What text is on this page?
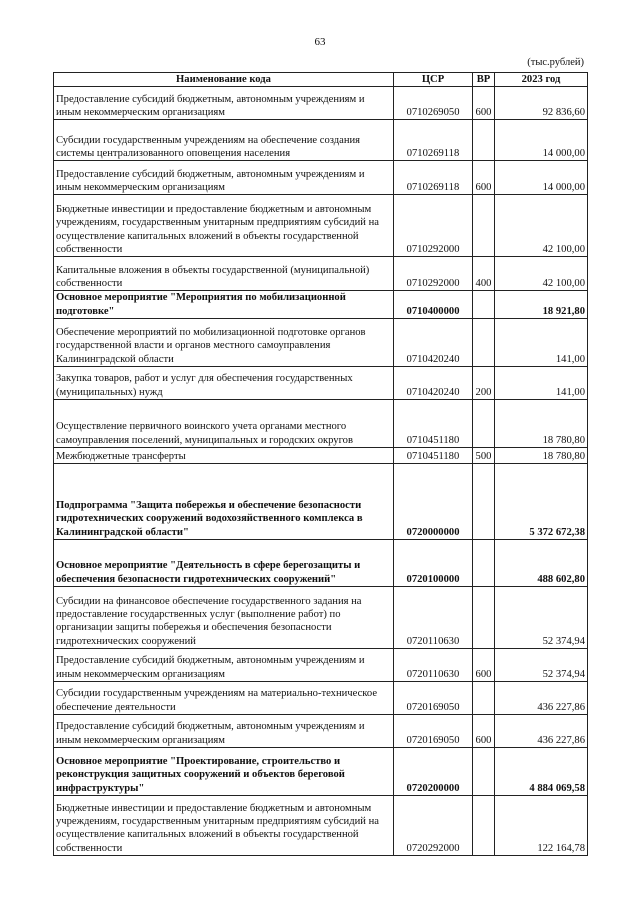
63
(тыс.рублей)
Наименование кода	ЦСР	ВР	2023 год
Предоставление субсидий бюджетным, автономным учреждениям и иным некоммерческим организациям	0710269050	600	92 836,60
Субсидии государственным учреждениям на обеспечение создания системы централизованного оповещения населения	0710269118		14 000,00
Предоставление субсидий бюджетным, автономным учреждениям и иным некоммерческим организациям	0710269118	600	14 000,00
Бюджетные инвестиции и предоставление бюджетным и автономным учреждениям, государственным унитарным предприятиям субсидий на осуществление капитальных вложений в объекты государственной собственности	0710292000		42 100,00
Капитальные вложения в объекты государственной (муниципальной) собственности	0710292000	400	42 100,00
Основное мероприятие "Мероприятия по мобилизационной подготовке"	0710400000		18 921,80
Обеспечение мероприятий по мобилизационной подготовке органов государственной власти и органов местного самоуправления Калининградской области	0710420240		141,00
Закупка товаров, работ и услуг для обеспечения государственных (муниципальных) нужд	0710420240	200	141,00
Осуществление первичного воинского учета органами местного самоуправления поселений, муниципальных и городских округов	0710451180		18 780,80
Межбюджетные трансферты	0710451180	500	18 780,80
Подпрограмма "Защита побережья и обеспечение безопасности гидротехнических сооружений водохозяйственного комплекса в Калининградской области"	0720000000		5 372 672,38
Основное мероприятие "Деятельность в сфере берегозащиты и обеспечения безопасности гидротехнических сооружений"	0720100000		488 602,80
Субсидии на финансовое обеспечение государственного задания на предоставление государственных услуг (выполнение работ) по организации защиты побережья и обеспечения безопасности гидротехнических сооружений	0720110630		52 374,94
Предоставление субсидий бюджетным, автономным учреждениям и иным некоммерческим организациям	0720110630	600	52 374,94
Субсидии государственным учреждениям на материально-техническое обеспечение деятельности	0720169050		436 227,86
Предоставление субсидий бюджетным, автономным учреждениям и иным некоммерческим организациям	0720169050	600	436 227,86
Основное мероприятие "Проектирование, строительство и реконструкция защитных сооружений и объектов береговой инфраструктуры"	0720200000		4 884 069,58
Бюджетные инвестиции и предоставление бюджетным и автономным учреждениям, государственным унитарным предприятиям субсидий на осуществление капитальных вложений в объекты государственной собственности	0720292000		122 164,78
